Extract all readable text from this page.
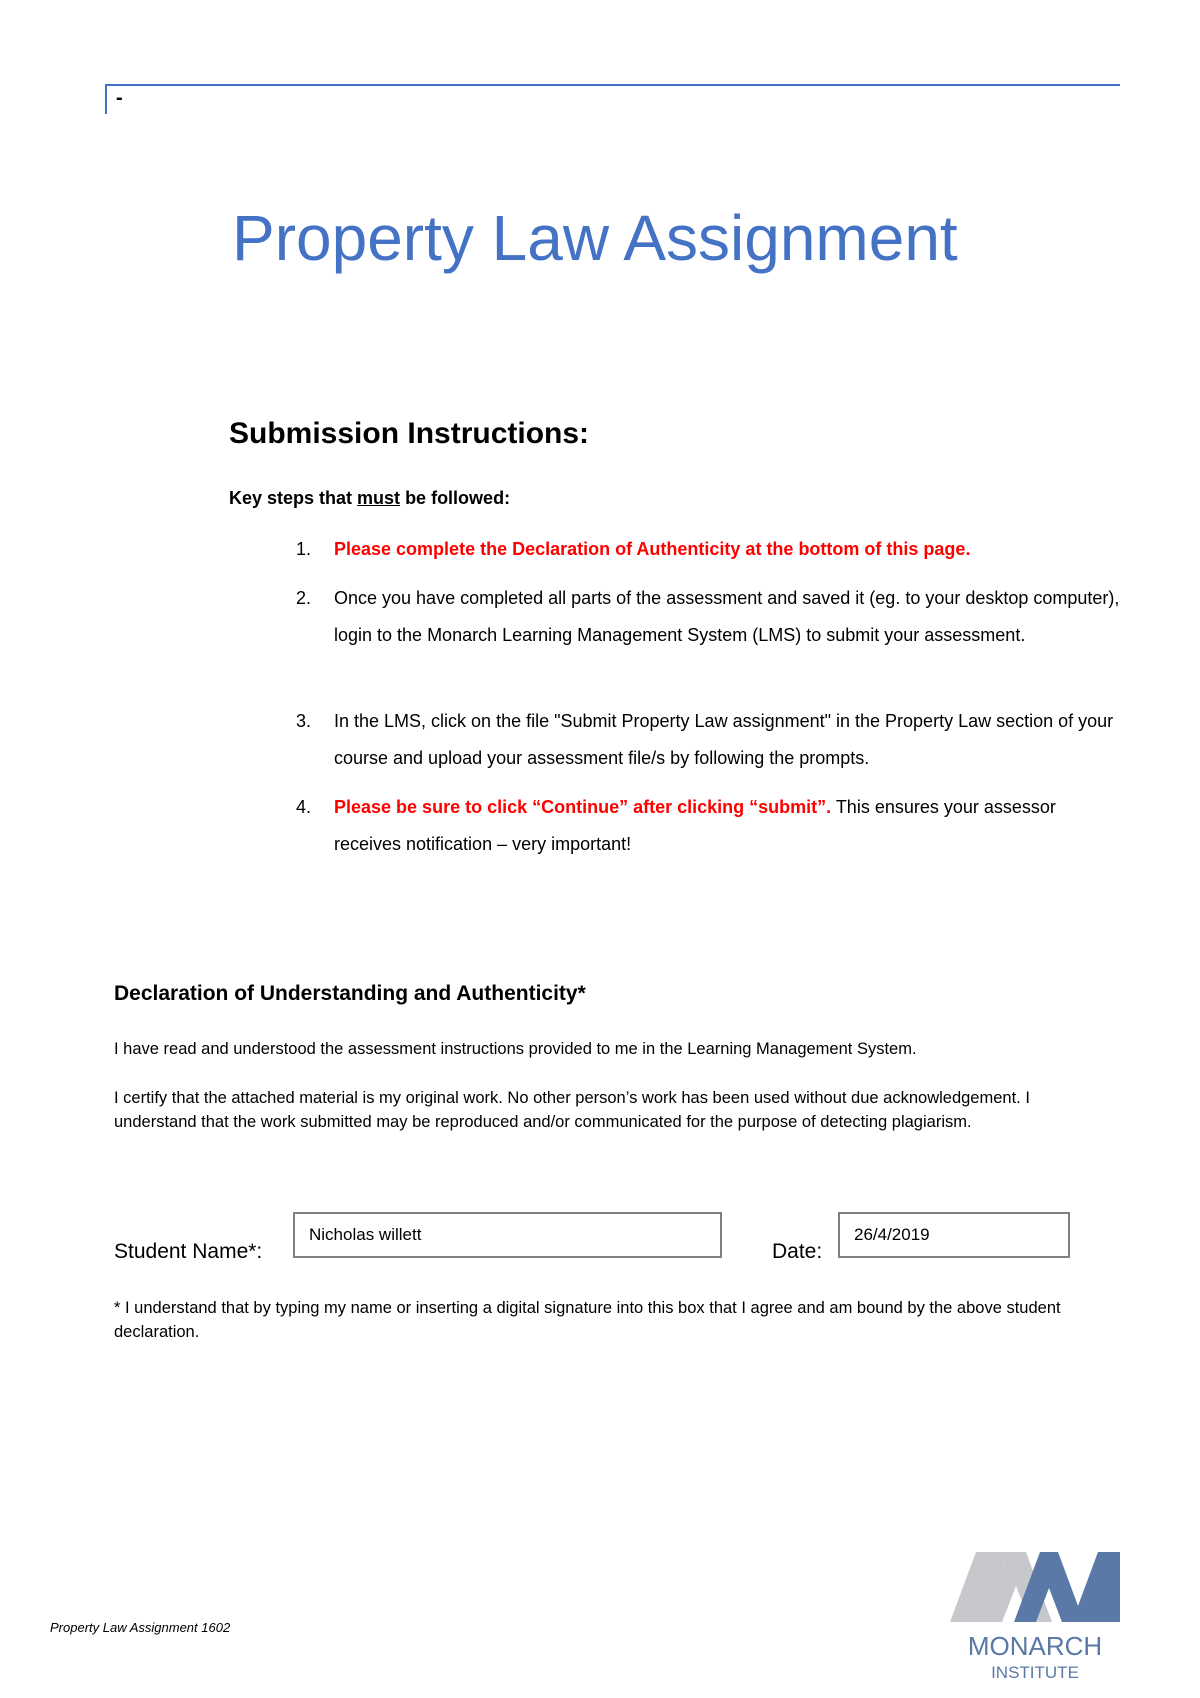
-
Property Law Assignment
Submission Instructions:
Key steps that must be followed:
1. Please complete the Declaration of Authenticity at the bottom of this page.
2. Once you have completed all parts of the assessment and saved it (eg. to your desktop computer), login to the Monarch Learning Management System (LMS) to submit your assessment.
3. In the LMS, click on the file "Submit Property Law assignment" in the Property Law section of your course and upload your assessment file/s by following the prompts.
4. Please be sure to click “Continue” after clicking “submit”. This ensures your assessor receives notification – very important!
Declaration of Understanding and Authenticity*
I have read and understood the assessment instructions provided to me in the Learning Management System.
I certify that the attached material is my original work. No other person’s work has been used without due acknowledgement. I understand that the work submitted may be reproduced and/or communicated for the purpose of detecting plagiarism.
Student Name*:
Nicholas willett
Date:
26/4/2019
* I understand that by typing my name or inserting a digital signature into this box that I agree and am bound by the above student declaration.
Property Law Assignment 1602
MONARCH
INSTITUTE
